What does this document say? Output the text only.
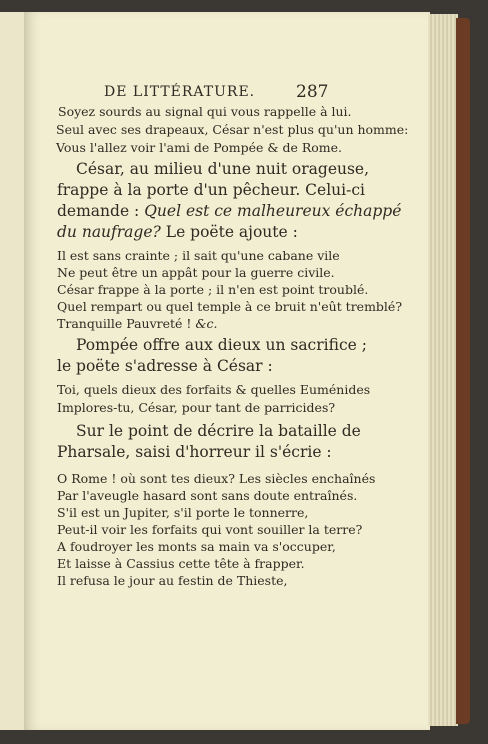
DE LITTÉRATURE. 287
Soyez sourds au signal qui vous rappelle à lui.
Seul avec ses drapeaux, César n'est plus qu'un homme:
Vous l'allez voir l'ami de Pompée & de Rome.
César, au milieu d'une nuit orageuse,
frappe à la porte d'un pêcheur. Celui-ci
demande : Quel est ce malheureux échappé
du naufrage? Le poëte ajoute :
Il est sans crainte ; il sait qu'une cabane vile
Ne peut être un appât pour la guerre civile.
César frappe à la porte ; il n'en est point troublé.
Quel rempart ou quel temple à ce bruit n'eût tremblé?
Tranquille Pauvreté ! &c.
Pompée offre aux dieux un sacrifice ;
le poëte s'adresse à César :
Toi, quels dieux des forfaits & quelles Euménides
Implores-tu, César, pour tant de parricides?
Sur le point de décrire la bataille de
Pharsale, saisi d'horreur il s'écrie :
O Rome ! où sont tes dieux? Les siècles enchaînés
Par l'aveugle hasard sont sans doute entraînés.
S'il est un Jupiter, s'il porte le tonnerre,
Peut-il voir les forfaits qui vont souiller la terre?
A foudroyer les monts sa main va s'occuper,
Et laisse à Cassius cette tête à frapper.
Il refusa le jour au festin de Thieste,
